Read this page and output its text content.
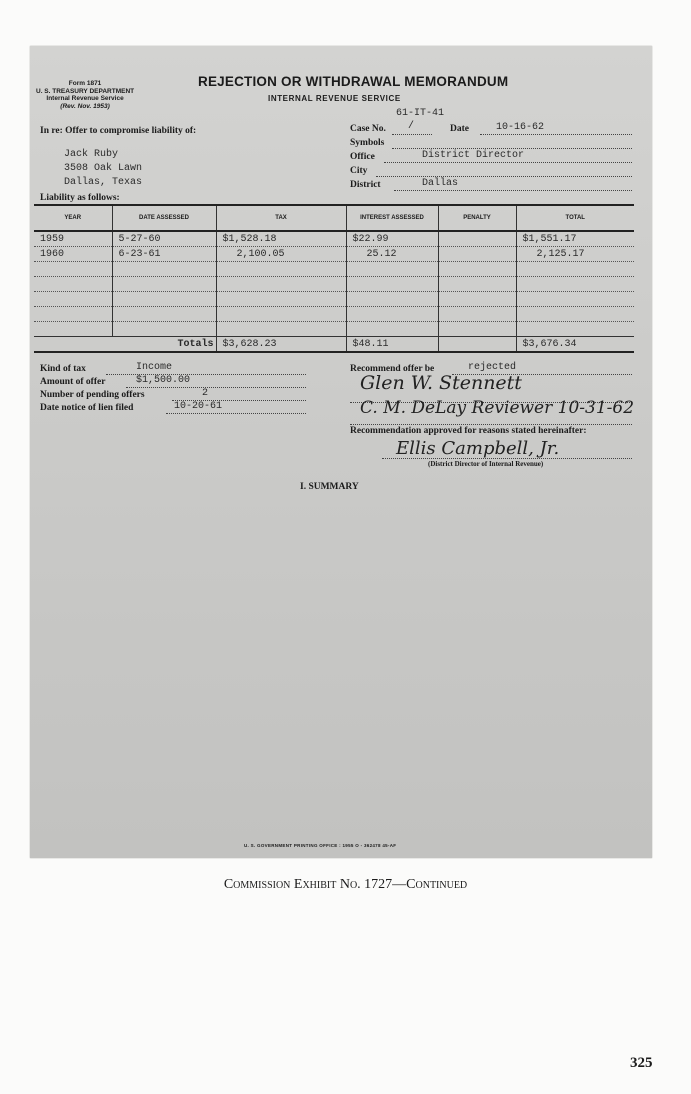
Form 1871
U. S. TREASURY DEPARTMENT
Internal Revenue Service
(Rev. Nov. 1953)
REJECTION OR WITHDRAWAL MEMORANDUM
INTERNAL REVENUE SERVICE
In re: Offer to compromise liability of:
Jack Ruby
3508 Oak Lawn
Dallas, Texas
Liability as follows:
61-IT-41
Case No. /	Date	10-16-62
Symbols
Office	District Director
City
District	Dallas
YEAR	DATE ASSESSED	TAX	INTEREST ASSESSED	PENALTY	TOTAL
1959	5-27-60	$1,528.18	$22.99		$1,551.17
1960	6-23-61	2,100.05	25.12		2,125.17

Totals		$3,628.23	$48.11		$3,676.34
Kind of tax	Income
Amount of offer	$1,500.00
Number of pending offers	2
Date notice of lien filed	10-20-61
Recommend offer be	rejected
Glen W. Stennett
C. M. DeLay Reviewer 10-31-62
Recommendation approved for reasons stated hereinafter:
Ellis Campbell, Jr.
(District Director of Internal Revenue)
I. SUMMARY
U. S. GOVERNMENT PRINTING OFFICE : 1955 O - 362478 45-AF
Commission Exhibit No. 1727—Continued
325
